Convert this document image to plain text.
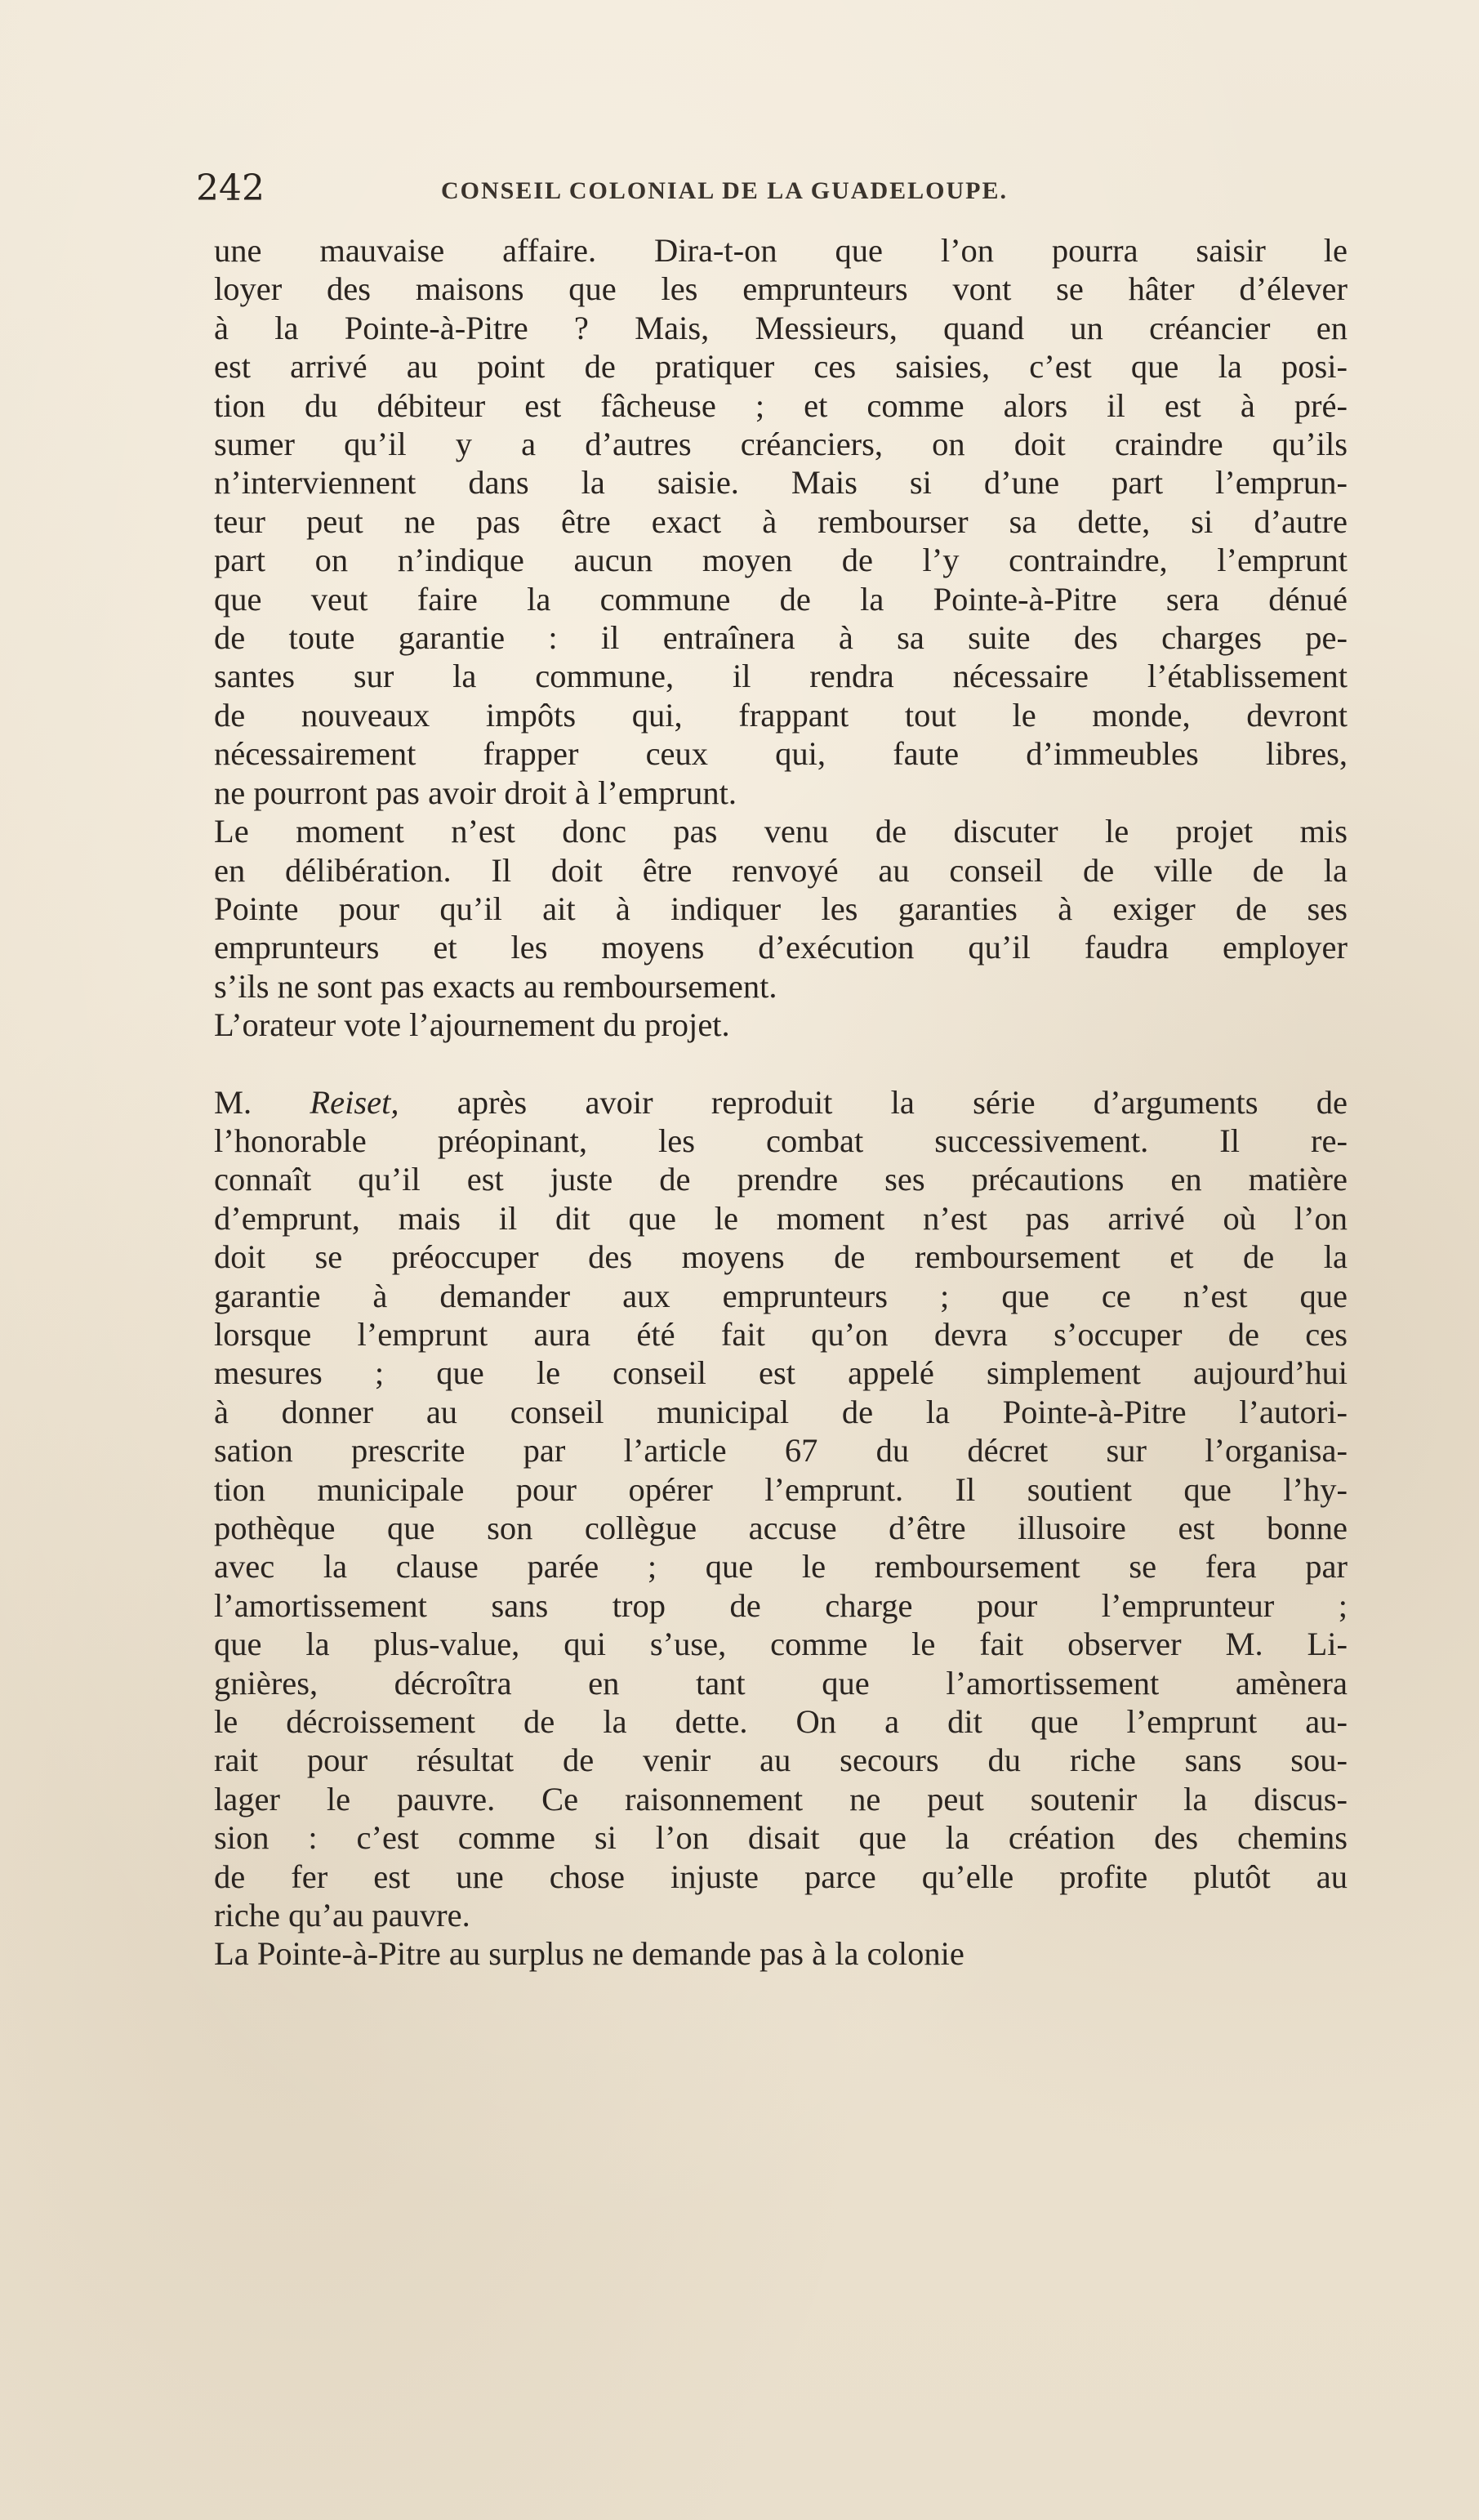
242	CONSEIL COLONIAL DE LA GUADELOUPE.

une mauvaise affaire. Dira-t-on que l’on pourra saisir le

loyer des maisons que les emprunteurs vont se hâter d’élever

à la Pointe-à-Pitre ? Mais, Messieurs, quand un créancier en

est arrivé au point de pratiquer ces saisies, c’est que la posi-

tion du débiteur est fâcheuse ; et comme alors il est à pré-

sumer qu’il y a d’autres créanciers, on doit craindre qu’ils

n’interviennent dans la saisie. Mais si d’une part l’emprun-

teur peut ne pas être exact à rembourser sa dette, si d’autre

part on n’indique aucun moyen de l’y contraindre, l’emprunt

que veut faire la commune de la Pointe-à-Pitre sera dénué

de toute garantie : il entraînera à sa suite des charges pe-

santes sur la commune, il rendra nécessaire l’établissement

de nouveaux impôts qui, frappant tout le monde, devront

nécessairement frapper ceux qui, faute d’immeubles libres,

ne pourront pas avoir droit à l’emprunt.

Le moment n’est donc pas venu de discuter le projet mis

en délibération. Il doit être renvoyé au conseil de ville de la

Pointe pour qu’il ait à indiquer les garanties à exiger de ses

emprunteurs et les moyens d’exécution qu’il faudra employer

s’ils ne sont pas exacts au remboursement.

L’orateur vote l’ajournement du projet.

M. Reiset, après avoir reproduit la série d’arguments de

l’honorable préopinant, les combat successivement. Il re-

connaît qu’il est juste de prendre ses précautions en matière

d’emprunt, mais il dit que le moment n’est pas arrivé où l’on

doit se préoccuper des moyens de remboursement et de la

garantie à demander aux emprunteurs ; que ce n’est que

lorsque l’emprunt aura été fait qu’on devra s’occuper de ces

mesures ; que le conseil est appelé simplement aujourd’hui

à donner au conseil municipal de la Pointe-à-Pitre l’autori-

sation prescrite par l’article 67 du décret sur l’organisa-

tion municipale pour opérer l’emprunt. Il soutient que l’hy-

pothèque que son collègue accuse d’être illusoire est bonne

avec la clause parée ; que le remboursement se fera par

l’amortissement sans trop de charge pour l’emprunteur ;

que la plus-value, qui s’use, comme le fait observer M. Li-

gnières, décroîtra en tant que l’amortissement amènera

le décroissement de la dette. On a dit que l’emprunt au-

rait pour résultat de venir au secours du riche sans sou-

lager le pauvre. Ce raisonnement ne peut soutenir la discus-

sion : c’est comme si l’on disait que la création des chemins

de fer est une chose injuste parce qu’elle profite plutôt au

riche qu’au pauvre.

La Pointe-à-Pitre au surplus ne demande pas à la colonie
